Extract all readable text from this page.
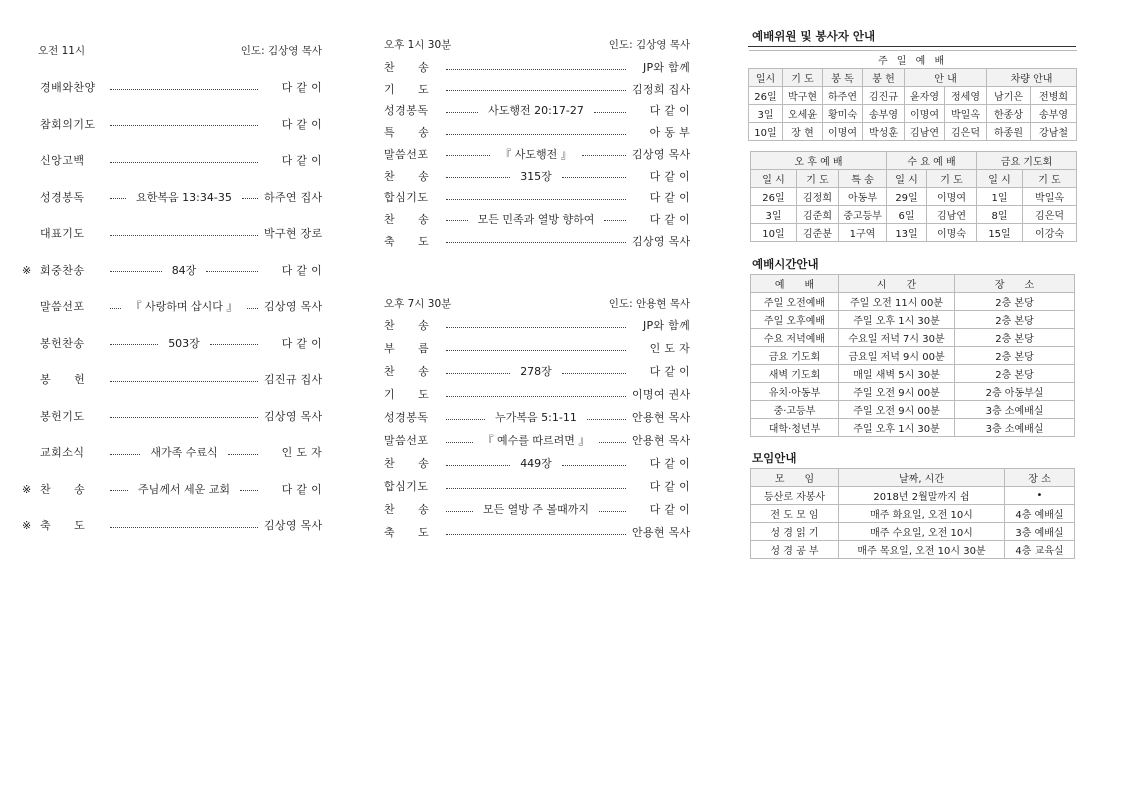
오전 11시	인도: 김상영 목사
경배와찬양	다 같 이
참회의기도	다 같 이
신앙고백	다 같 이
성경봉독	요한복음 13:34-35	하주연 집사
대표기도	박구현 장로
※ 회중찬송	84장	다 같 이
말씀선포	『 사랑하며 삽시다 』	김상영 목사
봉헌찬송	503장	다 같 이
봉　　헌	김진규 집사
봉헌기도	김상영 목사
교회소식	새가족 수료식	인 도 자
※ 찬　　송	주님께서 세운 교회	다 같 이
※ 축　　도	김상영 목사
오후 1시 30분	인도: 김상영 목사
찬　　송	JP와 함께
기　　도	김정희 집사
성경봉독	사도행전 20:17-27	다 같 이
특　　송	아 동 부
말씀선포	『 사도행전 』	김상영 목사
찬　　송	315장	다 같 이
합심기도	다 같 이
찬　　송	모든 민족과 열방 향하여	다 같 이
축　　도	김상영 목사
오후 7시 30분	인도: 안용현 목사
찬　　송	JP와 함께
부　　름	인 도 자
찬　　송	278장	다 같 이
기　　도	이명여 권사
성경봉독	누가복음 5:1-11	안용현 목사
말씀선포	『 예수를 따르려면 』	안용현 목사
찬　　송	449장	다 같 이
합심기도	다 같 이
찬　　송	모든 열방 주 볼때까지	다 같 이
축　　도	안용현 목사
예배위원 및 봉사자 안내
주 일 예 배							
일시	기 도	봉 독	봉 헌	안 내		차량 안내	
26일	박구현	하주연	김진규	윤자영	정세영	남기은	전병희
3일	오세윤	황미숙	송부영	이명여	박일옥	한종상	송부영
10일	장 현	이명여	박성훈	김남연	김은덕	하종원	강남철
오 후 예 배			수 요 예 배		금요 기도회	
일 시	기 도	특 송	일 시	기 도	일 시	기 도
26일	김정희	아동부	29일	이명여	1일	박일옥
3일	김준희	중고등부	6일	김남연	8일	김은덕
10일	김준분	1구역	13일	이명숙	15일	이강숙
예배시간안내
예　　배	시　　간	장　　소
주일 오전예배	주일 오전 11시 00분	2층 본당
주일 오후예배	주일 오후 1시 30분	2층 본당
수요 저녁예배	수요일 저녁 7시 30분	2층 본당
금요 기도회	금요일 저녁 9시 00분	2층 본당
새벽 기도회	매일 새벽 5시 30분	2층 본당
유치·아동부	주일 오전 9시 00분	2층 아동부실
중·고등부	주일 오전 9시 00분	3층 소예배실
대학·청년부	주일 오후 1시 30분	3층 소예배실
모임안내
모　　임	날짜, 시간	장 소
등산로 자봉사	2018년 2월말까지 쉼	•
전 도 모 임	매주 화요일, 오전 10시	4층 예배실
성 경 읽 기	매주 수요일, 오전 10시	3층 예배실
성 경 공 부	매주 목요일, 오전 10시 30분	4층 교육실
